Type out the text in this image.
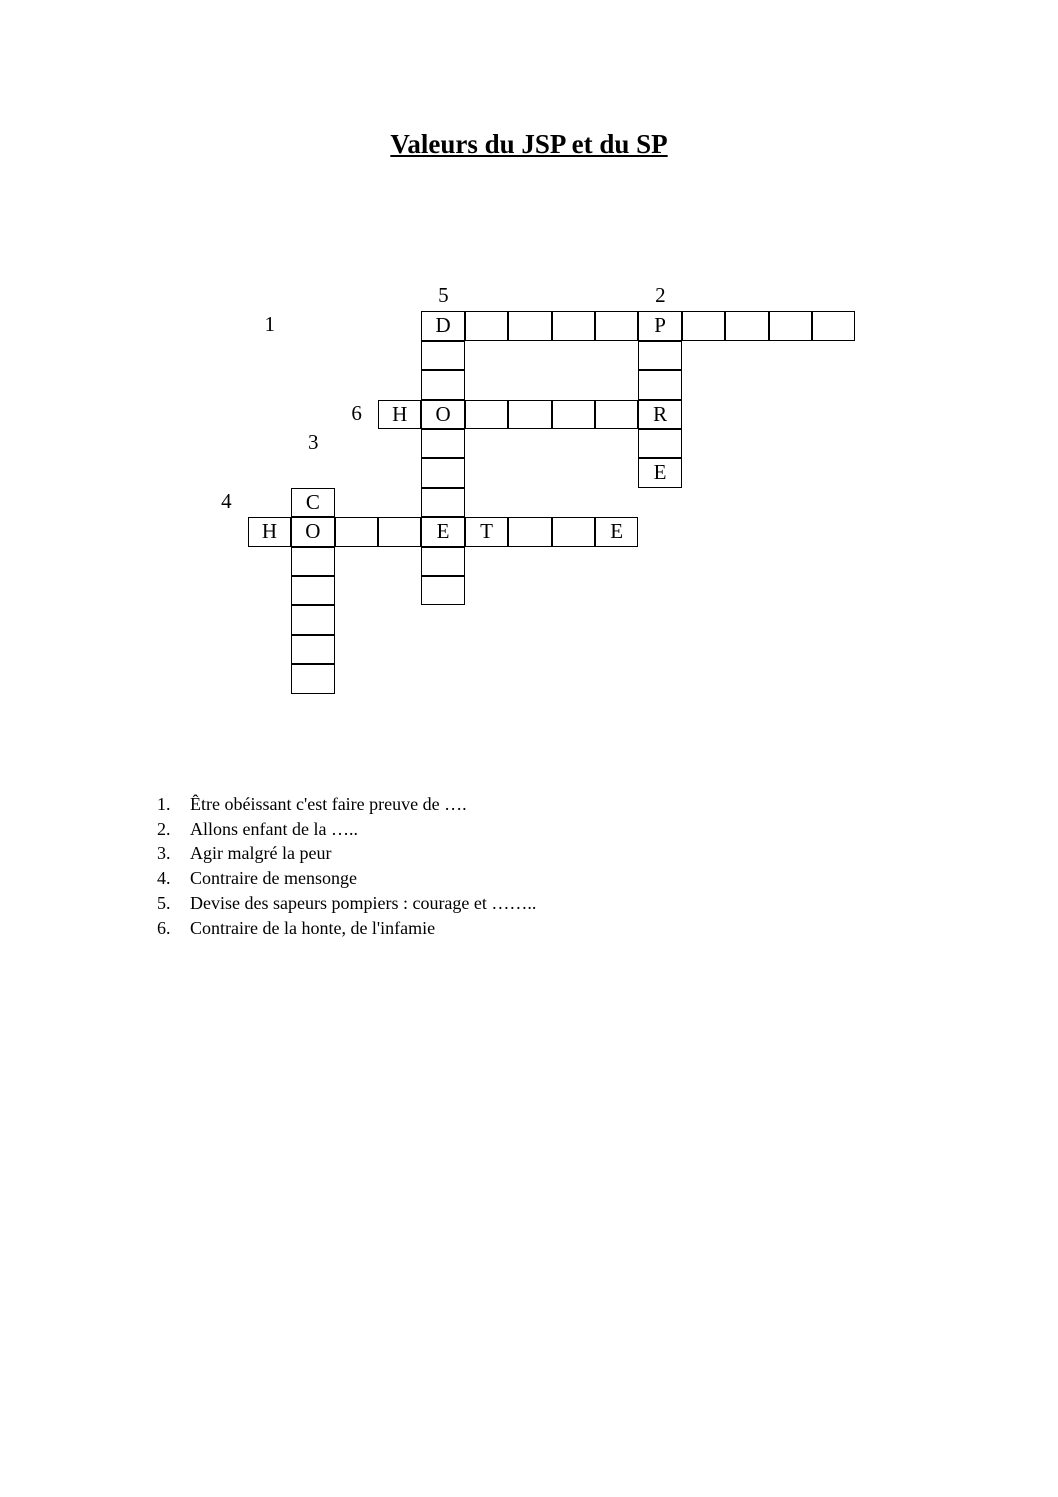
Valeurs du JSP et du SP
D	P
H	O	R
E
C
H	O	E	T	E
1
2
3
4
5
6
1.	Être obéissant c'est faire preuve de ….
2.	Allons enfant de la …..
3.	Agir malgré la peur
4.	Contraire de mensonge
5.	Devise des sapeurs pompiers : courage et ……..
6.	Contraire de la honte, de l'infamie
